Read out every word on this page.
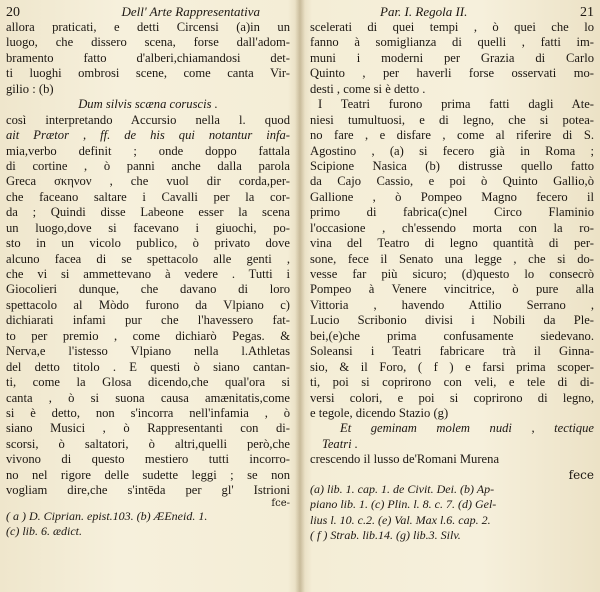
20	Dell' Arte Rappresentativa
allora praticati, e detti Circensi (a)in un
luogo, che dissero scena, forse dall'adom-
bramento fatto d'alberi,chiamandosi det-
ti luoghi ombrosi scene, come canta Vir-
gilio : (b)
Dum silvis scæna coruscis .
così interpretando Accursio nella l. quod
ait Prætor , ff. de his qui notantur infa-
mia,verbo definit ; onde doppo fattala
di cortine , ò panni anche dalla parola
Greca σκηνον , che vuol dir corda,per-
che faceano saltare i Cavalli per la cor-
da ; Quindi disse Labeone esser la scena
un luogo,dove si facevano i giuochi, po-
sto in un vicolo publico, ò privato dove
alcuno facea di se spettacolo alle genti ,
che vi si ammettevano à vedere . Tutti i
Giocolieri dunque, che davano di loro
spettacolo al Mòdo furono da Vlpiano c)
dichiarati infami pur che l'havessero fat-
to per premio , come dichiarò Pegas. &
Nerva,e l'istesso Vlpiano nella l.Athletas
del detto titolo . E questi ò siano cantan-
ti, come la Glosa dicendo,che qual'ora si
canta , ò si suona causa amænitatis,come
si è detto, non s'incorra nell'infamia , ò
siano Musici , ò Rappresentanti con di-
scorsi, ò saltatori, ò altri,quelli però,che
vivono di questo mestiero tutti incorro-
no nel rigore delle sudette leggi ; se non
vogliam dire,che s'intēda per gl' Istrioni
fce-
( a ) D. Ciprian. epist.103. (b) ÆEneid. 1.
(c) lib. 6. ædict.
Par. I. Regola II.	21
scelerati di quei tempi , ò quei che lo
fanno à somiglianza di quelli , fatti im-
muni i moderni per Grazia di Carlo
Quinto , per haverli forse osservati mo-
desti , come si è detto .
I Teatri furono prima fatti dagli Ate-
niesi tumultuosi, e di legno, che si potea-
no fare , e disfare , come al riferire di S.
Agostino , (a) si fecero già in Roma ;
Scipione Nasica (b) distrusse quello fatto
da Cajo Cassio, e poi ò Quinto Gallio,ò
Gallione , ò Pompeo Magno fecero il
primo di fabrica(c)nel Circo Flaminio
l'occasione , ch'essendo morta con la ro-
vina del Teatro di legno quantità di per-
sone, fece il Senato una legge , che si do-
vesse far più sicuro; (d)questo lo consecrò
Pompeo à Venere vincitrice, ò pure alla
Vittoria , havendo Attilio Serrano ,
Lucio Scribonio divisi i Nobili da Ple-
bei,(e)che prima confusamente siedevano.
Soleansi i Teatri fabricare trà il Ginna-
sio, & il Foro, ( f ) e farsi prima scoper-
ti, poi si coprirono con veli, e tele di di-
versi colori, e poi si coprirono di legno,
e tegole, dicendo Stazio (g)
Et geminam molem nudi , tectique
Teatri .
crescendo il lusso de'Romani Murena
fece
(a) lib. 1. cap. 1. de Civit. Dei. (b) Ap-
piano lib. 1. (c) Plin. l. 8. c. 7. (d) Gel-
lius l. 10. c.2. (e) Val. Max l.6. cap. 2.
( f ) Strab. lib.14. (g) lib.3. Silv.
